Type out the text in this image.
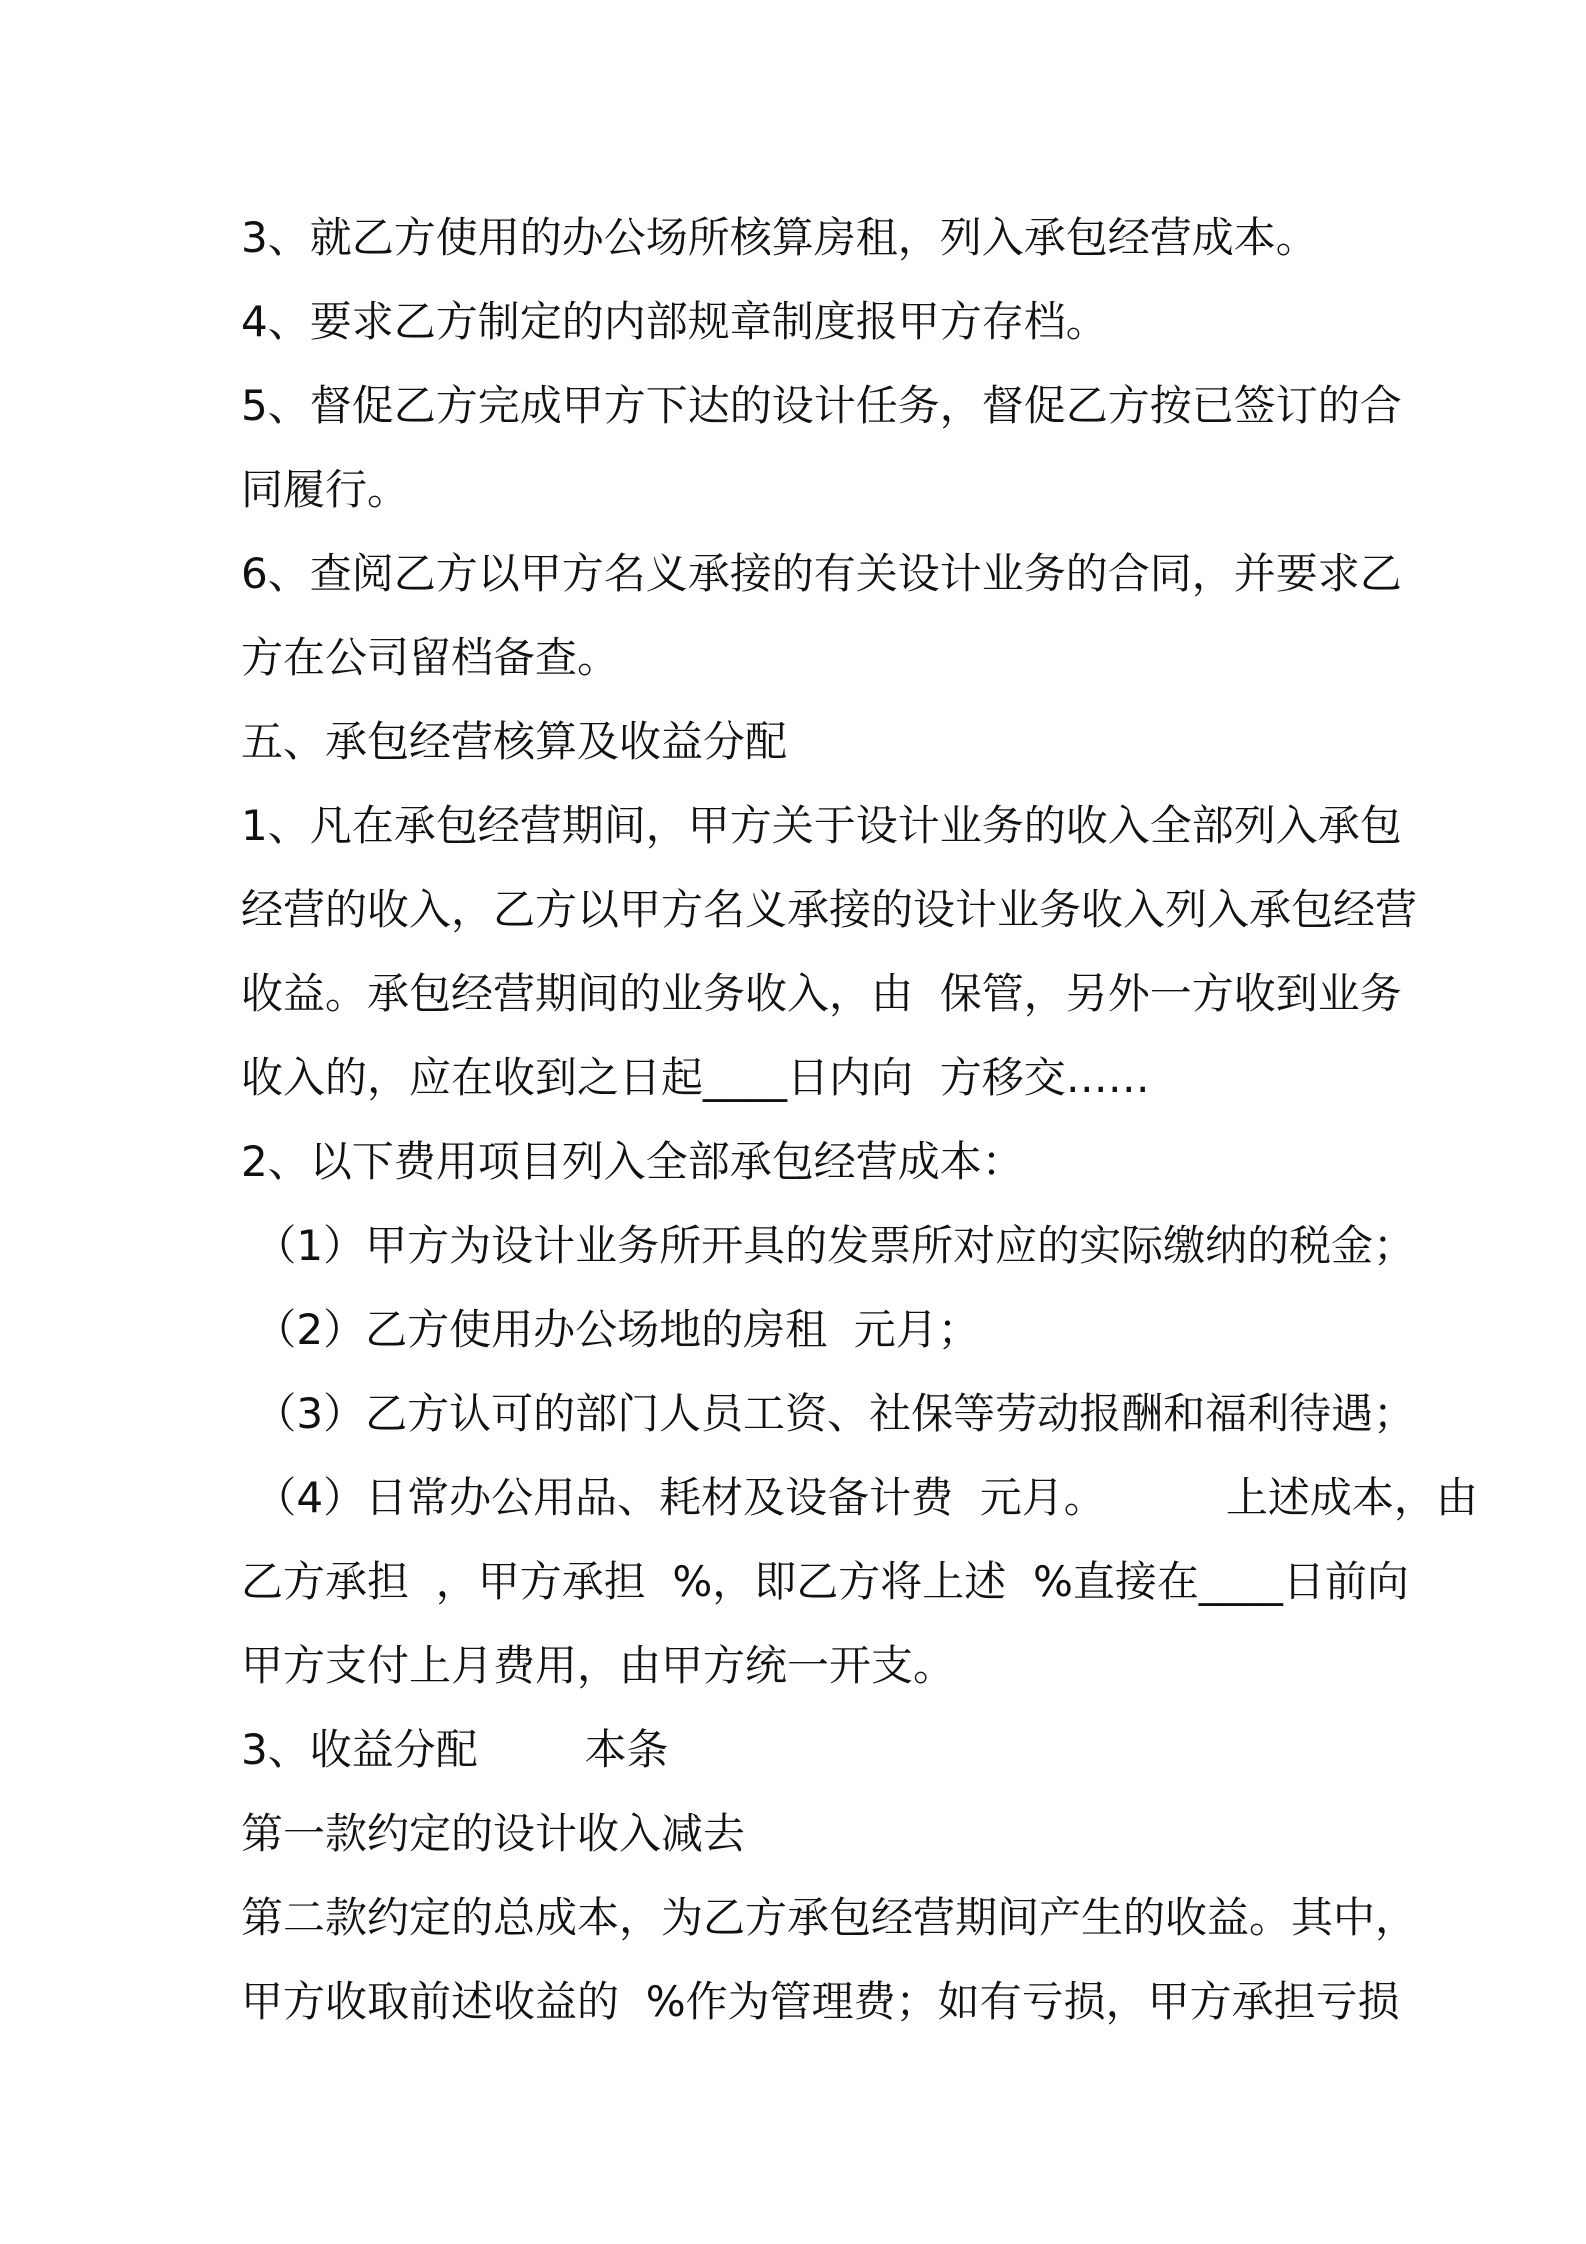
3、就乙方使用的办公场所核算房租，列入承包经营成本。
4、要求乙方制定的内部规章制度报甲方存档。
5、督促乙方完成甲方下达的设计任务，督促乙方按已签订的合
同履行。
6、查阅乙方以甲方名义承接的有关设计业务的合同，并要求乙
方在公司留档备查。
五、承包经营核算及收益分配
1、凡在承包经营期间，甲方关于设计业务的收入全部列入承包
经营的收入，乙方以甲方名义承接的设计业务收入列入承包经营
收益。承包经营期间的业务收入，由  保管，另外一方收到业务
收入的，应在收到之日起____日内向  方移交……
2、以下费用项目列入全部承包经营成本：
（1）甲方为设计业务所开具的发票所对应的实际缴纳的税金；
（2）乙方使用办公场地的房租  元月；
（3）乙方认可的部门人员工资、社保等劳动报酬和福利待遇；
（4）日常办公用品、耗材及设备计费  元月。         上述成本，由
乙方承担  ，甲方承担  %，即乙方将上述  %直接在____日前向
甲方支付上月费用，由甲方统一开支。
3、收益分配        本条
第一款约定的设计收入减去
第二款约定的总成本，为乙方承包经营期间产生的收益。其中，
甲方收取前述收益的  %作为管理费；如有亏损，甲方承担亏损
